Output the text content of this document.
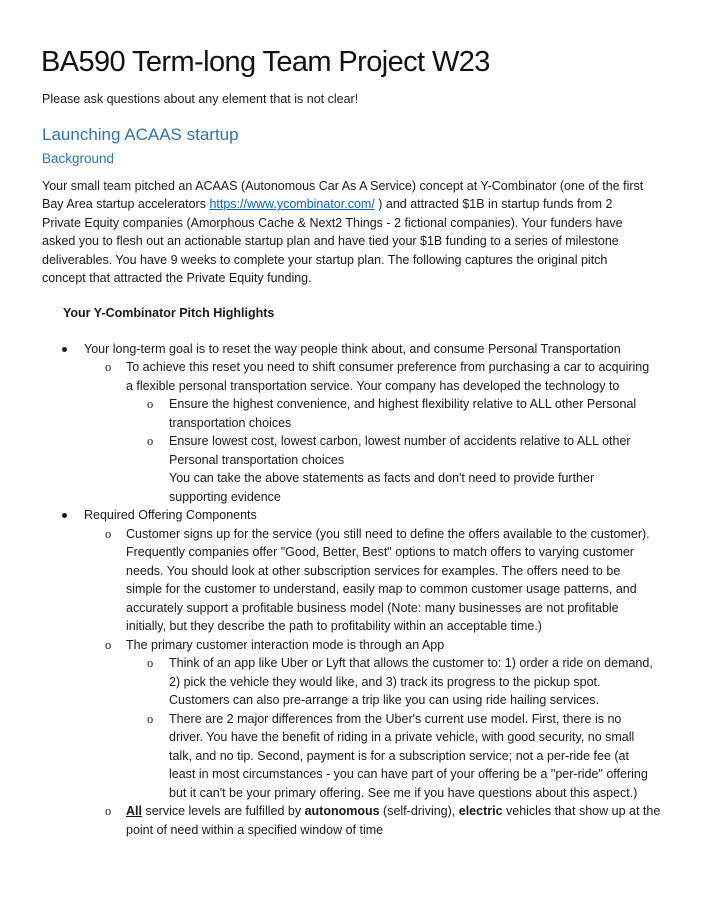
BA590 Term-long Team Project W23
Please ask questions about any element that is not clear!
Launching ACAAS startup
Background

Your small team pitched an ACAAS (Autonomous Car As A Service) concept at Y-Combinator (one of the first
Bay Area startup accelerators https://www.ycombinator.com/ ) and attracted $1B in startup funds from 2
Private Equity companies (Amorphous Cache & Next2 Things - 2 fictional companies). Your funders have
asked you to flesh out an actionable startup plan and have tied your $1B funding to a series of milestone
deliverables. You have 9 weeks to complete your startup plan. The following captures the original pitch
concept that attracted the Private Equity funding.

Your Y-Combinator Pitch Highlights
Your long-term goal is to reset the way people think about, and consume Personal Transportation
o To achieve this reset you need to shift consumer preference from purchasing a car to acquiring
a flexible personal transportation service. Your company has developed the technology to
o Ensure the highest convenience, and highest flexibility relative to ALL other Personal
transportation choices
o Ensure lowest cost, lowest carbon, lowest number of accidents relative to ALL other
Personal transportation choices
You can take the above statements as facts and don't need to provide further
supporting evidence
Required Offering Components
o Customer signs up for the service (you still need to define the offers available to the customer).
Frequently companies offer "Good, Better, Best" options to match offers to varying customer
needs. You should look at other subscription services for examples. The offers need to be
simple for the customer to understand, easily map to common customer usage patterns, and
accurately support a profitable business model (Note: many businesses are not profitable
initially, but they describe the path to profitability within an acceptable time.)
o The primary customer interaction mode is through an App
o Think of an app like Uber or Lyft that allows the customer to: 1) order a ride on demand,
2) pick the vehicle they would like, and 3) track its progress to the pickup spot.
Customers can also pre-arrange a trip like you can using ride hailing services.
o There are 2 major differences from the Uber's current use model. First, there is no
driver. You have the benefit of riding in a private vehicle, with good security, no small
talk, and no tip. Second, payment is for a subscription service; not a per-ride fee (at
least in most circumstances - you can have part of your offering be a "per-ride" offering
but it can't be your primary offering. See me if you have questions about this aspect.)
o All service levels are fulfilled by autonomous (self-driving), electric vehicles that show up at the
point of need within a specified window of time
